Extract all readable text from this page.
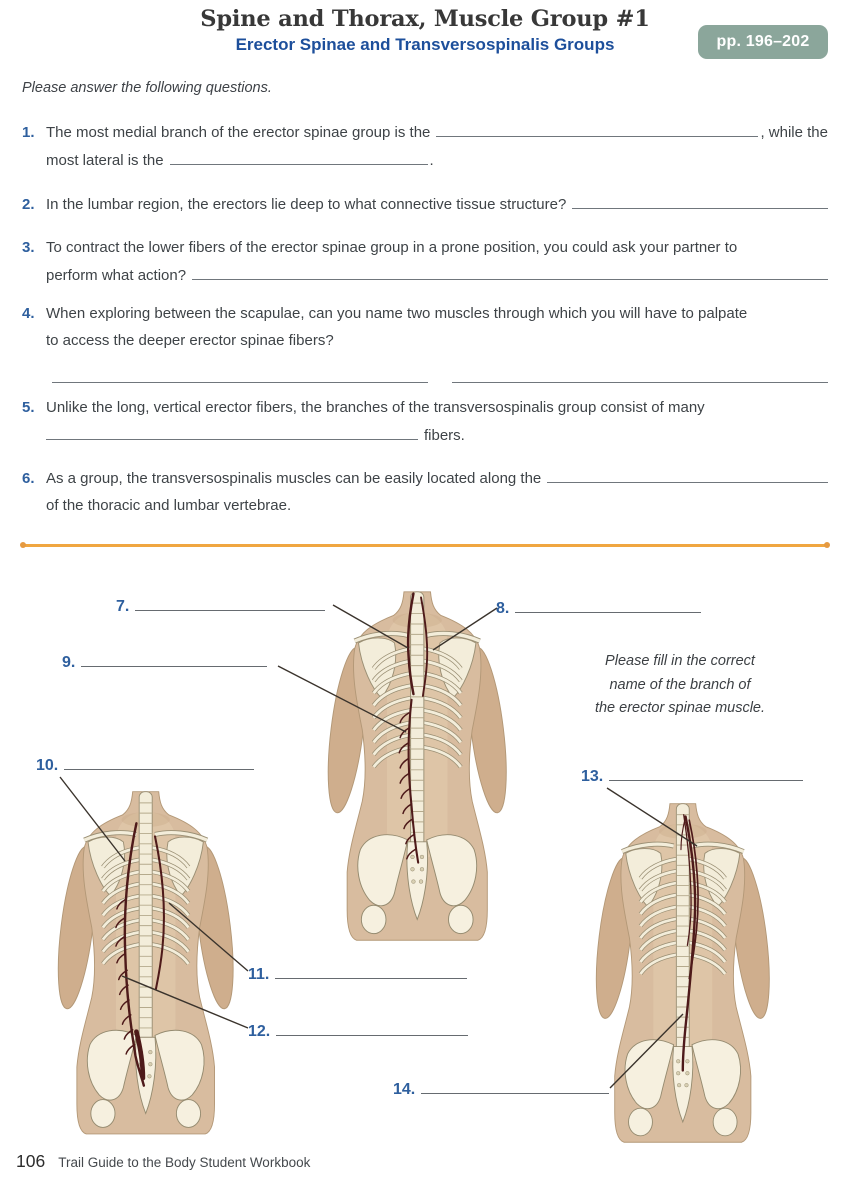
Spine and Thorax, Muscle Group #1
Erector Spinae and Transversospinalis Groups	pp. 196–202
Please answer the following questions.
1. The most medial branch of the erector spinae group is the	, while the
most lateral is the	.
2. In the lumbar region, the erectors lie deep to what connective tissue structure?
3. To contract the lower fibers of the erector spinae group in a prone position, you could ask your partner to
perform what action?
4. When exploring between the scapulae, can you name two muscles through which you will have to palpate
to access the deeper erector spinae fibers?
5. Unlike the long, vertical erector fibers, the branches of the transversospinalis group consist of many
fibers.
6. As a group, the transversospinalis muscles can be easily located along the
of the thoracic and lumbar vertebrae.
7.	8.
9.
10.
11.
12.
13.
14.
Please fill in the correct
name of the branch of
the erector spinae muscle.
106 Trail Guide to the Body Student Workbook
